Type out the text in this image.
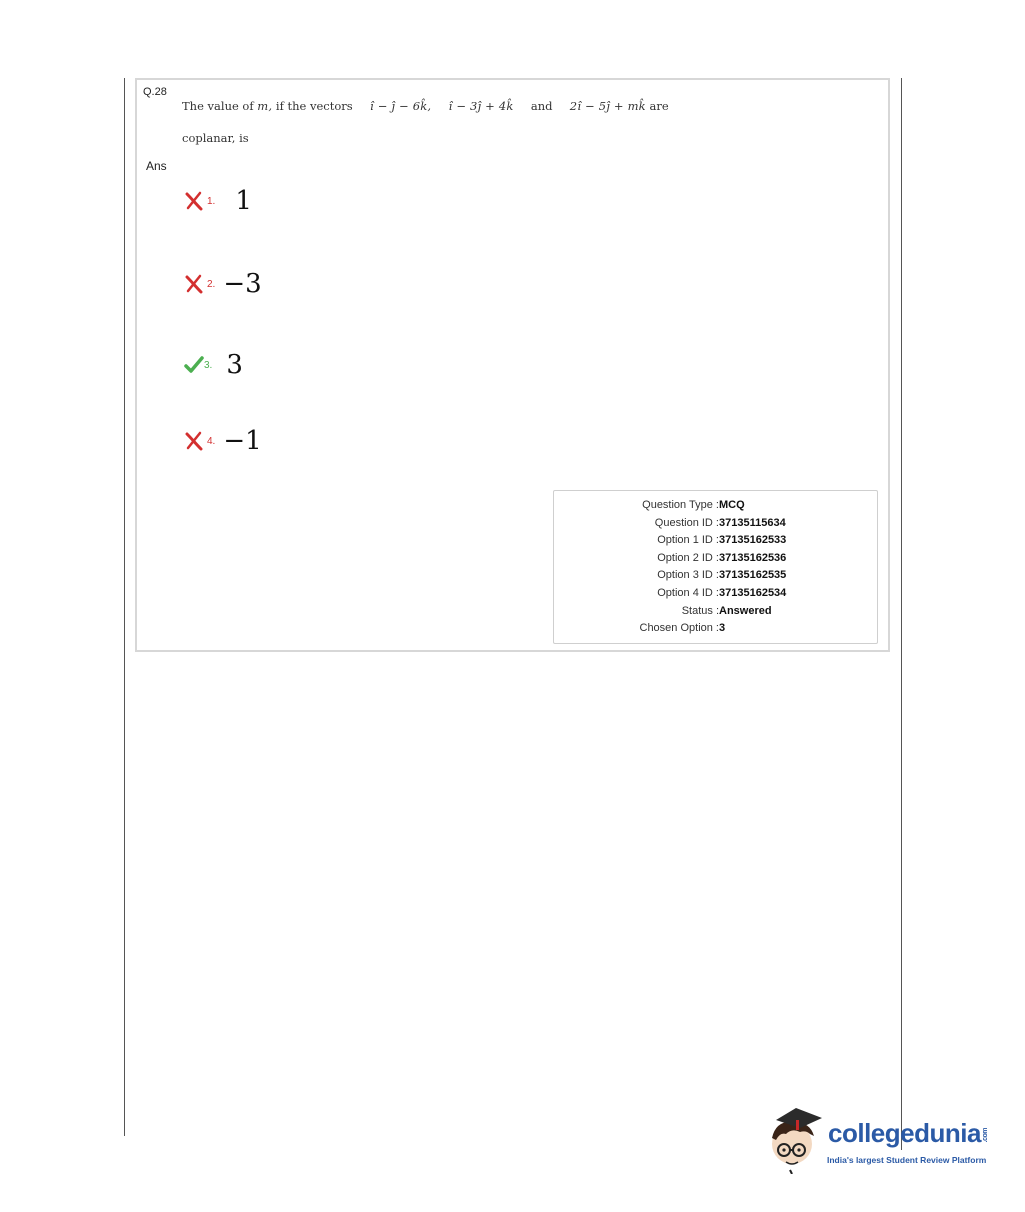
Q.28
The value of m, if the vectors î − ĵ − 6k̂, î − 3ĵ + 4k̂ and 2î − 5ĵ + mk̂ are
coplanar, is
Ans
1. 1
2. −3
3. 3
4. −1
Question Type : MCQ
Question ID : 37135115634
Option 1 ID : 37135162533
Option 2 ID : 37135162536
Option 3 ID : 37135162535
Option 4 ID : 37135162534
Status : Answered
Chosen Option : 3
collegedunia .com
India's largest Student Review Platform
